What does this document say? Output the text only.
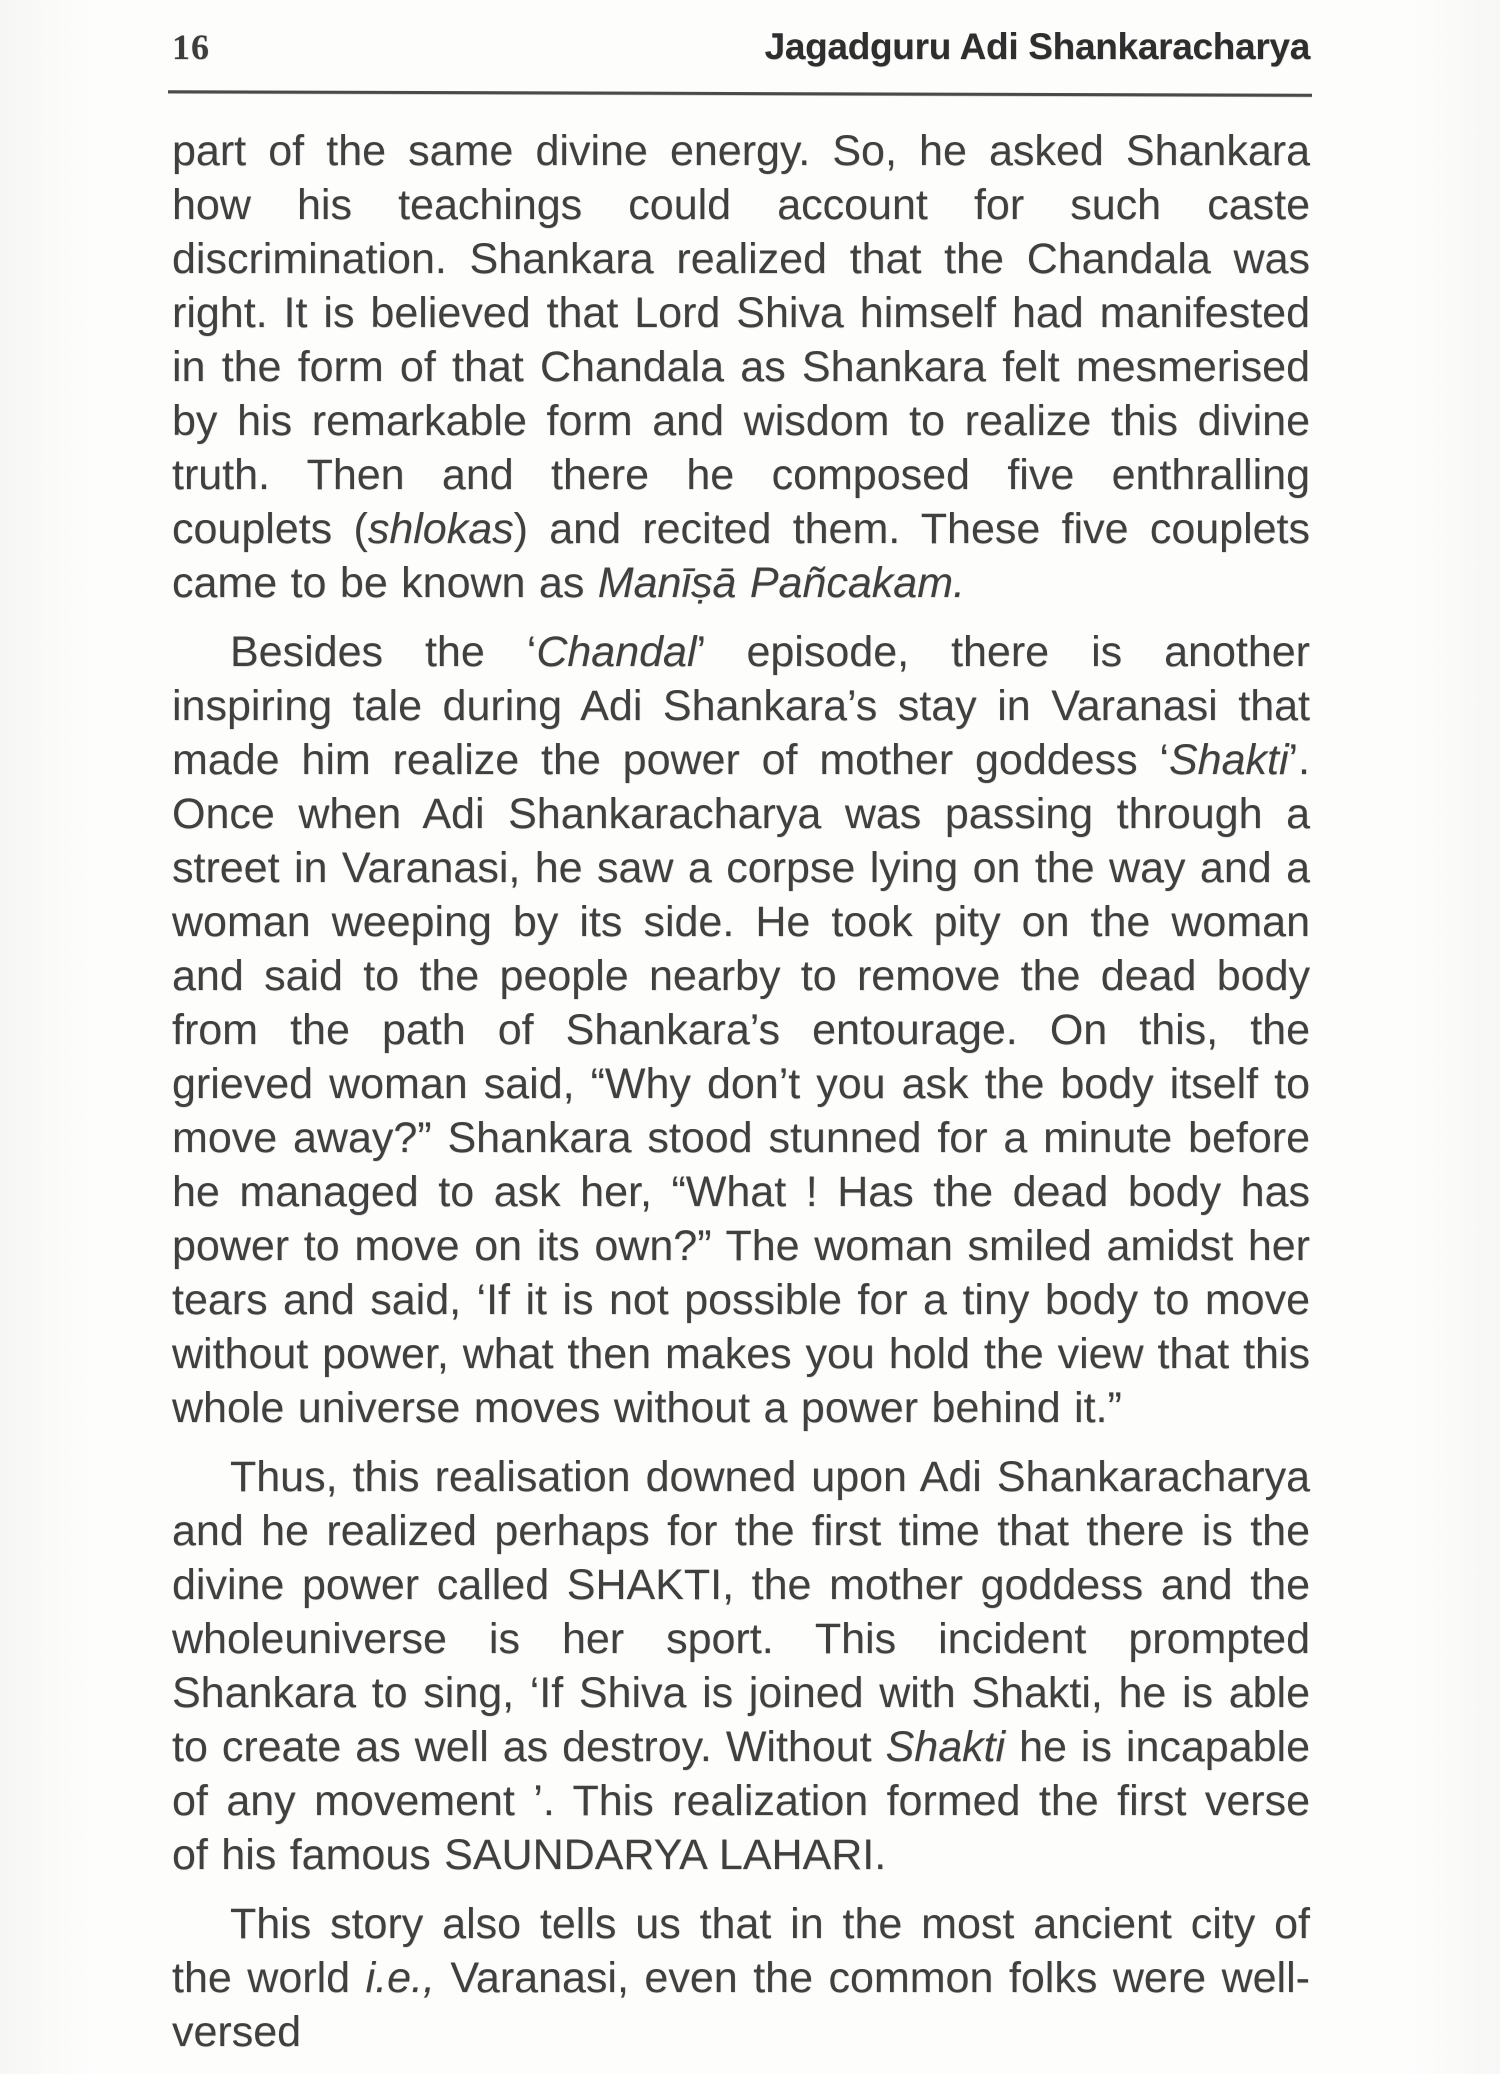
16	Jagadguru Adi Shankaracharya

part of the same divine energy. So, he asked Shankara how his teachings could account for such caste discrimination. Shankara realized that the Chandala was right. It is believed that Lord Shiva himself had manifested in the form of that Chandala as Shankara felt mesmerised by his remarkable form and wisdom to realize this divine truth. Then and there he composed five enthralling couplets (shlokas) and recited them. These five couplets came to be known as Manīṣā Pañcakam.

Besides the ‘Chandal’ episode, there is another inspiring tale during Adi Shankara’s stay in Varanasi that made him realize the power of mother goddess ‘Shakti’. Once when Adi Shankaracharya was passing through a street in Varanasi, he saw a corpse lying on the way and a woman weeping by its side. He took pity on the woman and said to the people nearby to remove the dead body from the path of Shankara’s entourage. On this, the grieved woman said, “Why don’t you ask the body itself to move away?” Shankara stood stunned for a minute before he managed to ask her, “What ! Has the dead body has power to move on its own?” The woman smiled amidst her tears and said, ‘If it is not possible for a tiny body to move without power, what then makes you hold the view that this whole universe moves without a power behind it.”

Thus, this realisation downed upon Adi Shankaracharya and he realized perhaps for the first time that there is the divine power called SHAKTI, the mother goddess and the wholeuniverse is her sport. This incident prompted Shankara to sing, ‘If Shiva is joined with Shakti, he is able to create as well as destroy. Without Shakti he is incapable of any movement ’. This realization formed the first verse of his famous SAUNDARYA LAHARI.

This story also tells us that in the most ancient city of the world i.e., Varanasi, even the common folks were well-versed
